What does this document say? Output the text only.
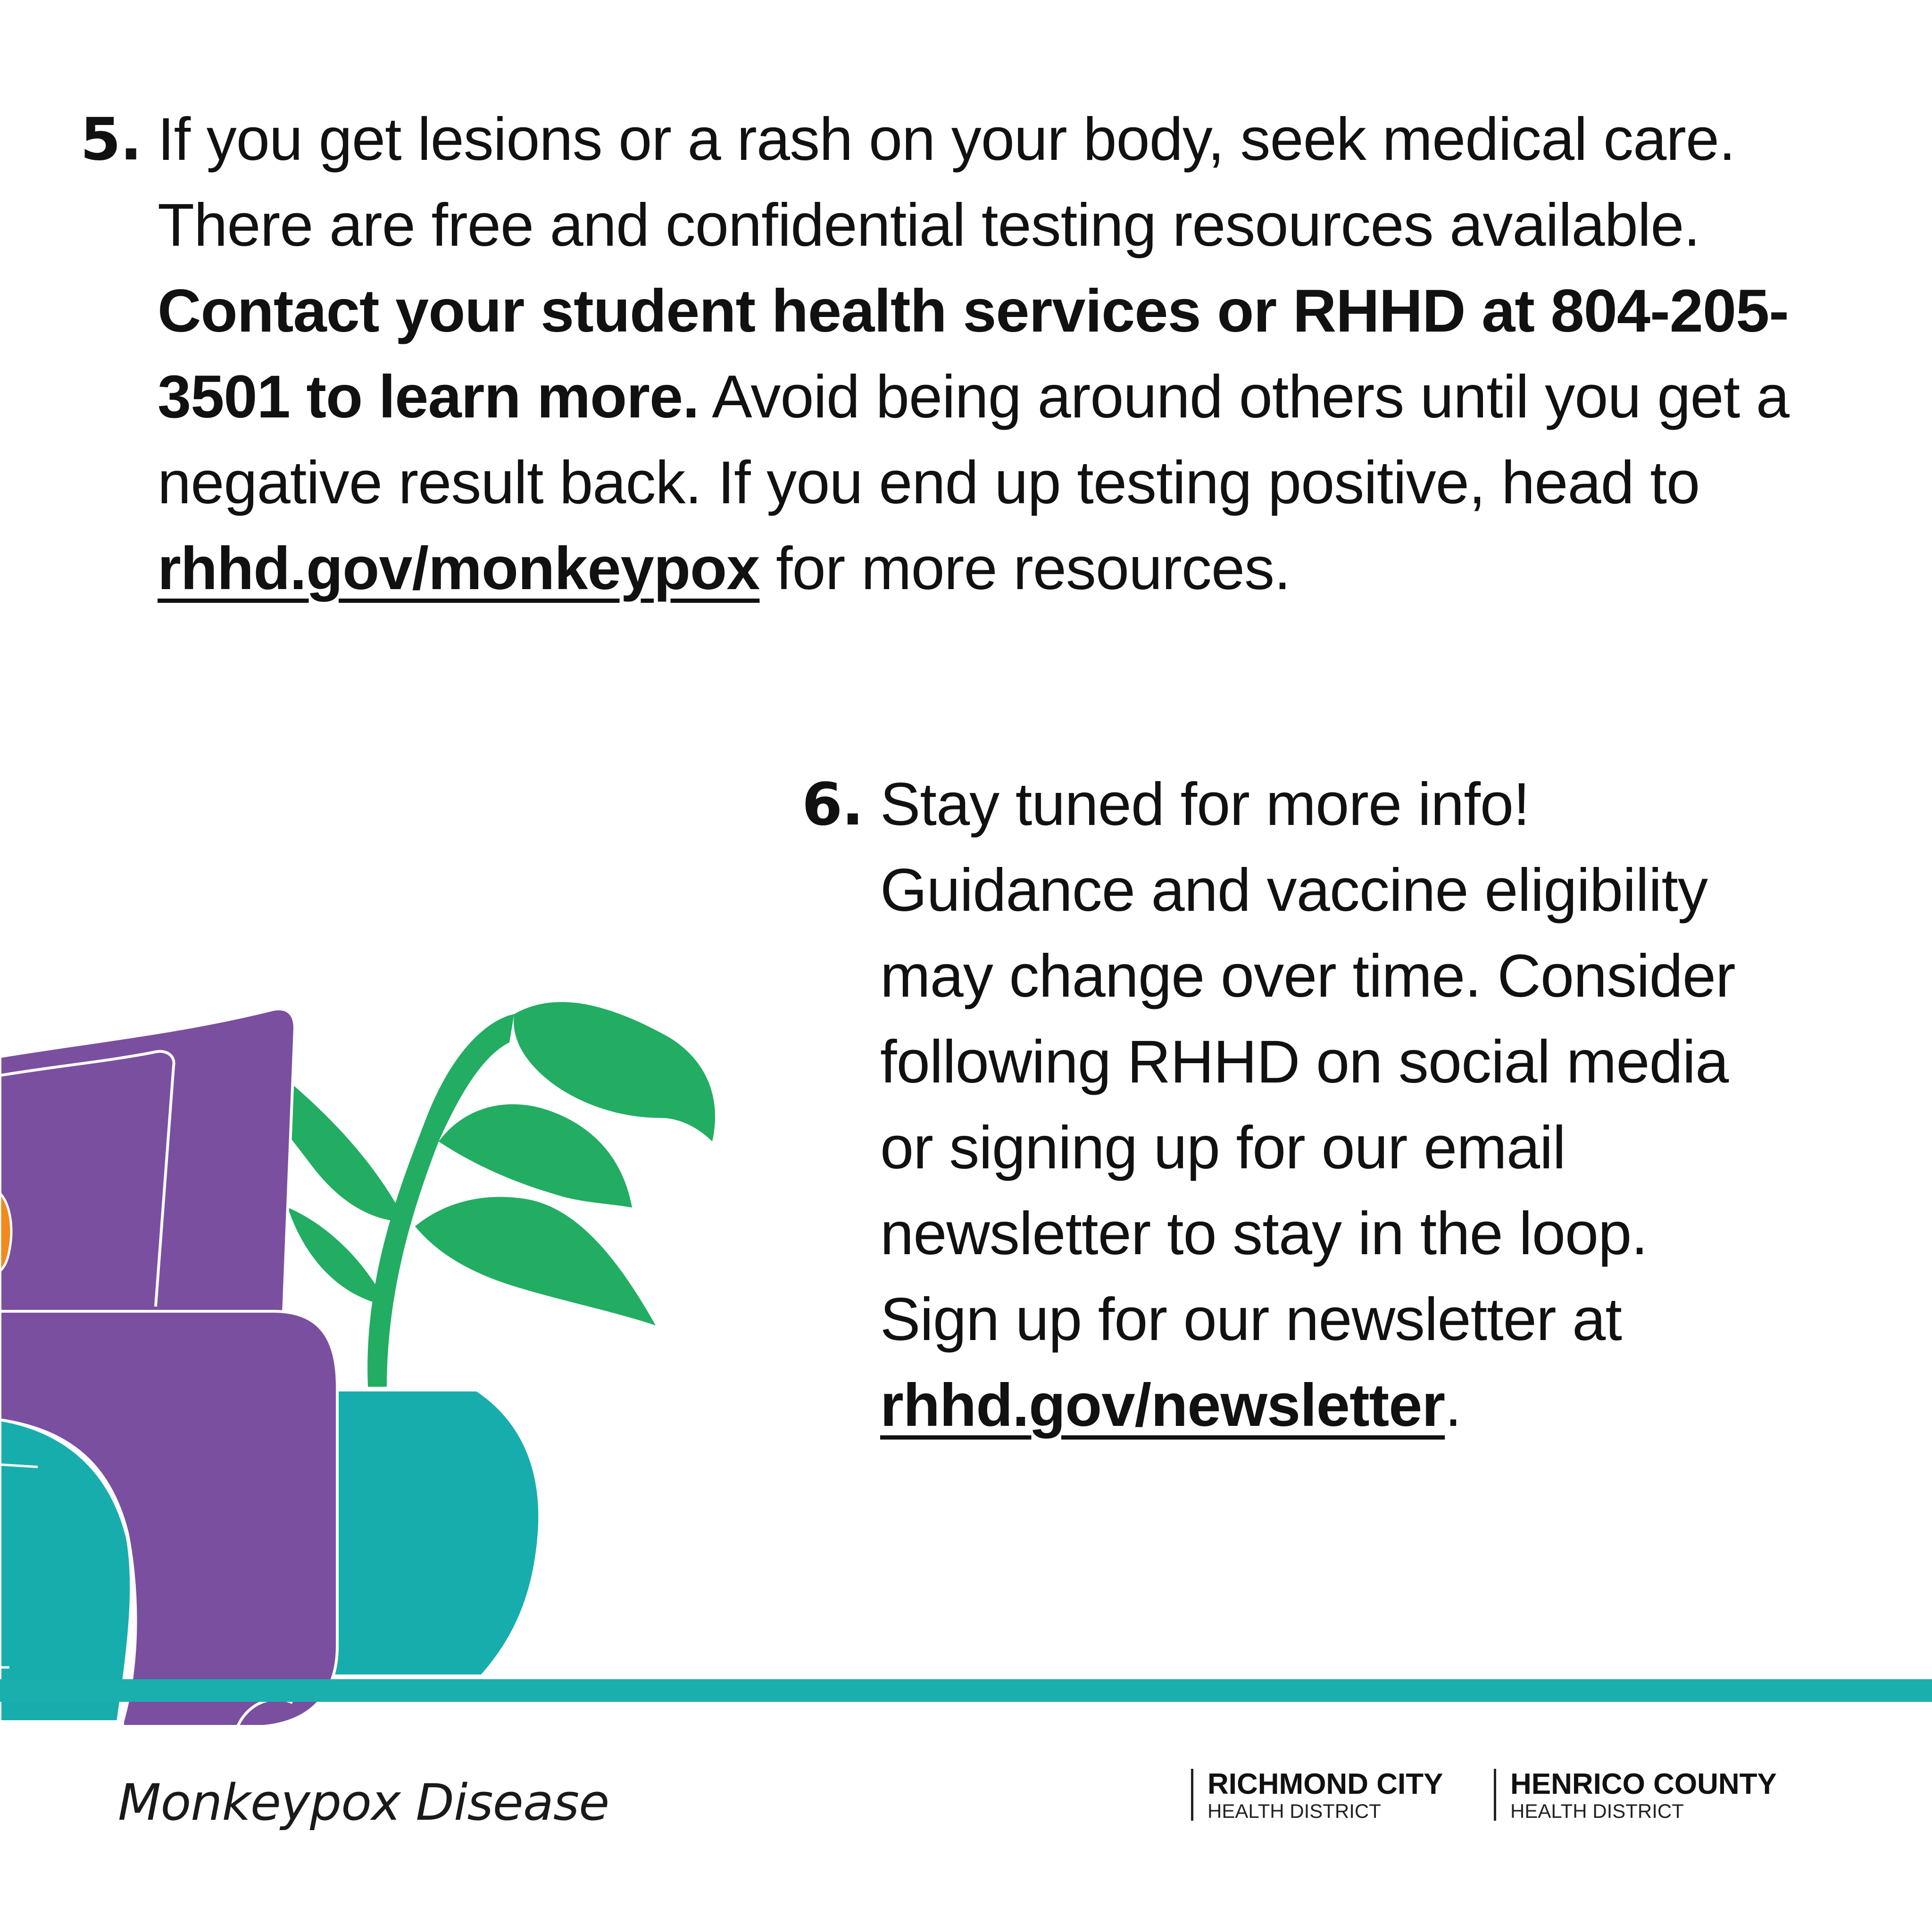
5. If you get lesions or a rash on your body, seek medical care. There are free and confidential testing resources available. Contact your student health services or RHHD at 804-205-3501 to learn more. Avoid being around others until you get a negative result back. If you end up testing positive, head to rhhd.gov/monkeypox for more resources.

6. Stay tuned for more info! Guidance and vaccine eligibility may change over time. Consider following RHHD on social media or signing up for our email newsletter to stay in the loop. Sign up for our newsletter at rhhd.gov/newsletter.

Monkeypox Disease	RICHMOND CITY
HEALTH DISTRICT
HENRICO COUNTY
HEALTH DISTRICT
